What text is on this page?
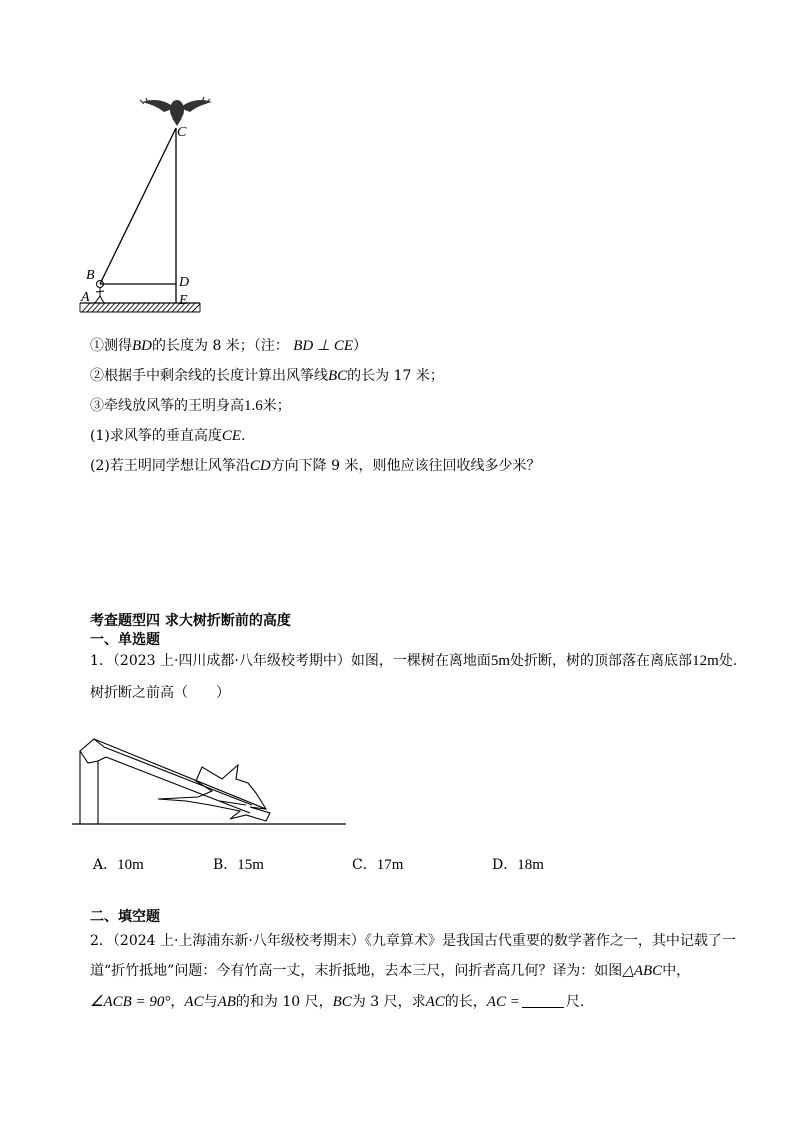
C
B	D
A	E
①测得BD的长度为 8 米；（注： BD ⊥ CE）
②根据手中剩余线的长度计算出风筝线BC的长为 17 米；
③牵线放风筝的王明身高1.6米；
(1)求风筝的垂直高度CE.
(2)若王明同学想让风筝沿CD方向下降 9 米，则他应该往回收线多少米？
考查题型四 求大树折断前的高度
一、单选题
1．（2023 上·四川成都·八年级校考期中）如图，一棵树在离地面5m处折断，树的顶部落在离底部12m处.
树折断之前高（　　）
A．10m	B．15m	C．17m	D．18m
二、填空题
2．（2024 上·上海浦东新·八年级校考期末）《九章算术》是我国古代重要的数学著作之一，其中记载了一
道“折竹抵地”问题：今有竹高一丈，末折抵地，去本三尺，问折者高几何？译为：如图△ABC中，
∠ACB = 90°，AC与AB的和为 10 尺，BC为 3 尺，求AC的长，AC =	尺.
